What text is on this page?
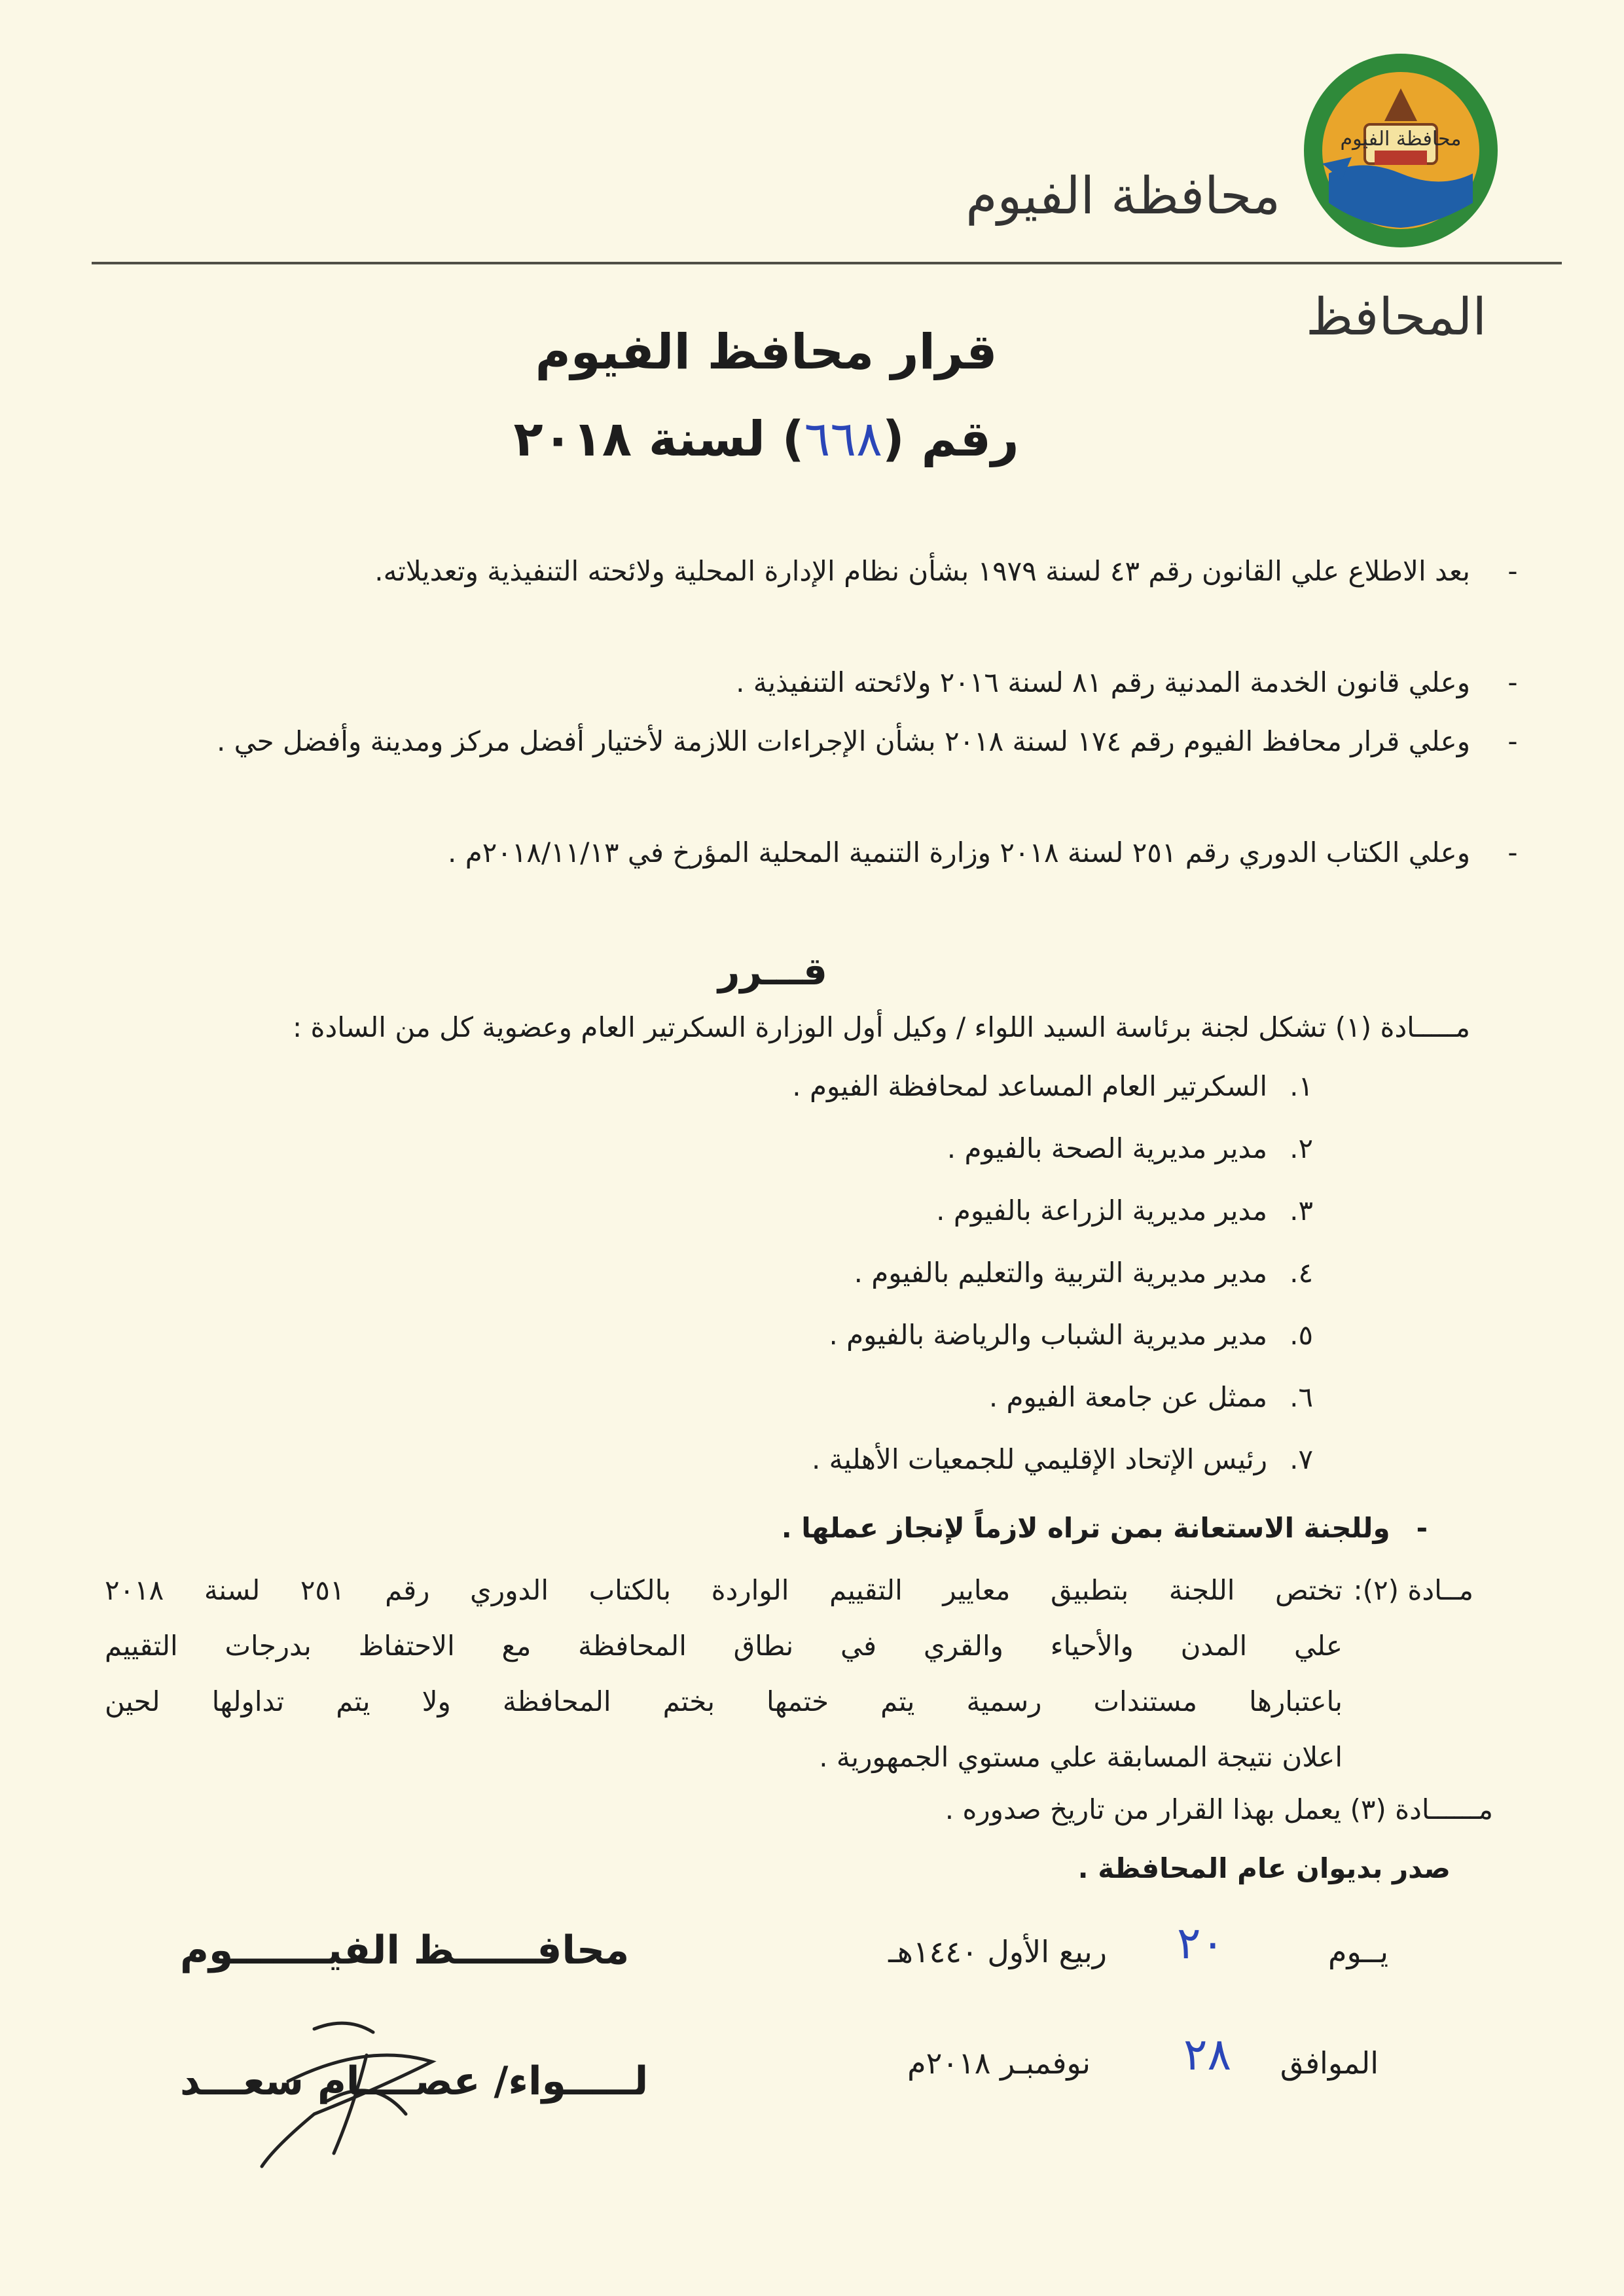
محافظة الفيوم
محافظة الفيوم
المحافظ
قرار محافظ الفيوم
رقم (٦٦٨) لسنة ٢٠١٨
-
بعد الاطلاع علي القانون رقم ٤٣ لسنة ١٩٧٩ بشأن نظام الإدارة المحلية ولائحته التنفيذية وتعديلاته.
-
وعلي قانون الخدمة المدنية رقم ٨١ لسنة ٢٠١٦ ولائحته التنفيذية .
-
وعلي قرار محافظ الفيوم رقم ١٧٤ لسنة ٢٠١٨ بشأن الإجراءات اللازمة لأختيار أفضل مركز ومدينة وأفضل حي .
-
وعلي الكتاب الدوري رقم ٢٥١ لسنة ٢٠١٨ وزارة التنمية المحلية المؤرخ في ٢٠١٨/١١/١٣م .
قـــرر
مـــــادة (١) تشكل لجنة برئاسة السيد اللواء / وكيل أول الوزارة السكرتير العام وعضوية كل من السادة :
١.السكرتير العام المساعد لمحافظة الفيوم .
٢.مدير مديرية الصحة بالفيوم .
٣.مدير مديرية الزراعة بالفيوم .
٤.مدير مديرية التربية والتعليم بالفيوم .
٥.مدير مديرية الشباب والرياضة بالفيوم .
٦.ممثل عن جامعة الفيوم .
٧.رئيس الإتحاد الإقليمي للجمعيات الأهلية .
-وللجنة الاستعانة بمن تراه لازماً لإنجاز عملها .
مــادة (٢):
تختص اللجنة بتطبيق معايير التقييم الواردة بالكتاب الدوري رقم ٢٥١ لسنة ٢٠١٨
علي المدن والأحياء والقري في نطاق المحافظة مع الاحتفاظ بدرجات التقييم
باعتبارها مستندات رسمية يتم ختمها بختم المحافظة ولا يتم تداولها لحين
اعلان نتيجة المسابقة علي مستوي الجمهورية .
مــــــادة (٣) يعمل بهذا القرار من تاريخ صدوره .
صدر بديوان عام المحافظة .
يــوم
٢٠
ربيع الأول ١٤٤٠هـ
الموافق
٢٨
نوفمبـر ٢٠١٨م
محافــــــظ الفيـــــــوم
لـــــواء/ عصــــام سعـــد
